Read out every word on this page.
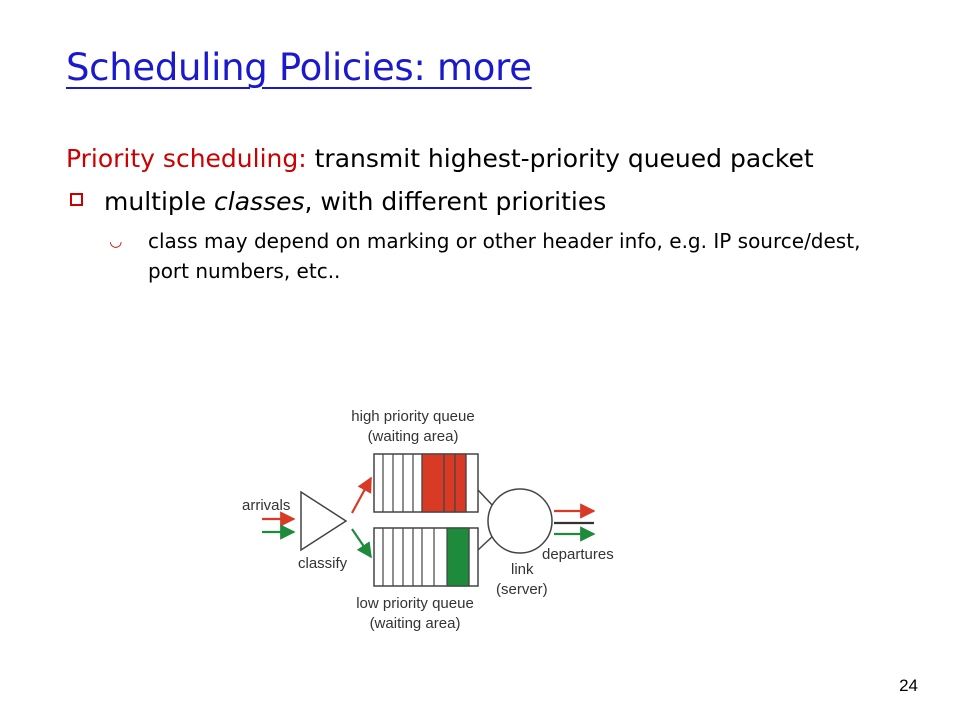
Scheduling Policies: more

Priority scheduling: transmit highest-priority queued packet

multiple classes, with different priorities
◡ class may depend on marking or other header info, e.g. IP source/dest, port numbers, etc..
high priority queue
(waiting area)
arrivals
classify
departures
link
(server)
low priority queue
(waiting area)
24
